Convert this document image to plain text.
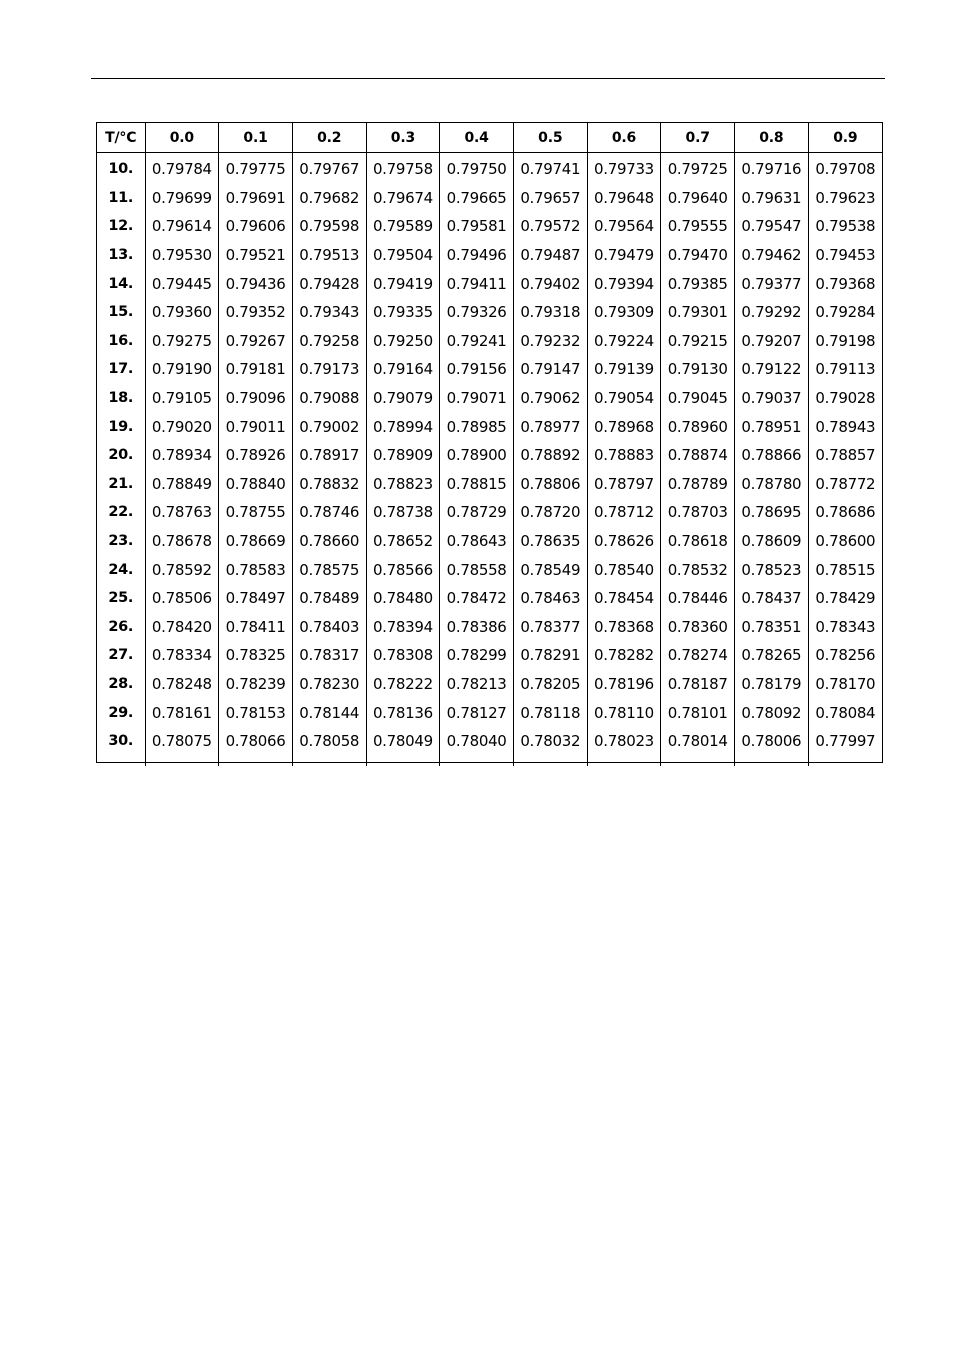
T/°C	0.0	0.1	0.2	0.3	0.4	0.5	0.6	0.7	0.8	0.9
10.	0.79784	0.79775	0.79767	0.79758	0.79750	0.79741	0.79733	0.79725	0.79716	0.79708
11.	0.79699	0.79691	0.79682	0.79674	0.79665	0.79657	0.79648	0.79640	0.79631	0.79623
12.	0.79614	0.79606	0.79598	0.79589	0.79581	0.79572	0.79564	0.79555	0.79547	0.79538
13.	0.79530	0.79521	0.79513	0.79504	0.79496	0.79487	0.79479	0.79470	0.79462	0.79453
14.	0.79445	0.79436	0.79428	0.79419	0.79411	0.79402	0.79394	0.79385	0.79377	0.79368
15.	0.79360	0.79352	0.79343	0.79335	0.79326	0.79318	0.79309	0.79301	0.79292	0.79284
16.	0.79275	0.79267	0.79258	0.79250	0.79241	0.79232	0.79224	0.79215	0.79207	0.79198
17.	0.79190	0.79181	0.79173	0.79164	0.79156	0.79147	0.79139	0.79130	0.79122	0.79113
18.	0.79105	0.79096	0.79088	0.79079	0.79071	0.79062	0.79054	0.79045	0.79037	0.79028
19.	0.79020	0.79011	0.79002	0.78994	0.78985	0.78977	0.78968	0.78960	0.78951	0.78943
20.	0.78934	0.78926	0.78917	0.78909	0.78900	0.78892	0.78883	0.78874	0.78866	0.78857
21.	0.78849	0.78840	0.78832	0.78823	0.78815	0.78806	0.78797	0.78789	0.78780	0.78772
22.	0.78763	0.78755	0.78746	0.78738	0.78729	0.78720	0.78712	0.78703	0.78695	0.78686
23.	0.78678	0.78669	0.78660	0.78652	0.78643	0.78635	0.78626	0.78618	0.78609	0.78600
24.	0.78592	0.78583	0.78575	0.78566	0.78558	0.78549	0.78540	0.78532	0.78523	0.78515
25.	0.78506	0.78497	0.78489	0.78480	0.78472	0.78463	0.78454	0.78446	0.78437	0.78429
26.	0.78420	0.78411	0.78403	0.78394	0.78386	0.78377	0.78368	0.78360	0.78351	0.78343
27.	0.78334	0.78325	0.78317	0.78308	0.78299	0.78291	0.78282	0.78274	0.78265	0.78256
28.	0.78248	0.78239	0.78230	0.78222	0.78213	0.78205	0.78196	0.78187	0.78179	0.78170
29.	0.78161	0.78153	0.78144	0.78136	0.78127	0.78118	0.78110	0.78101	0.78092	0.78084
30.	0.78075	0.78066	0.78058	0.78049	0.78040	0.78032	0.78023	0.78014	0.78006	0.77997
